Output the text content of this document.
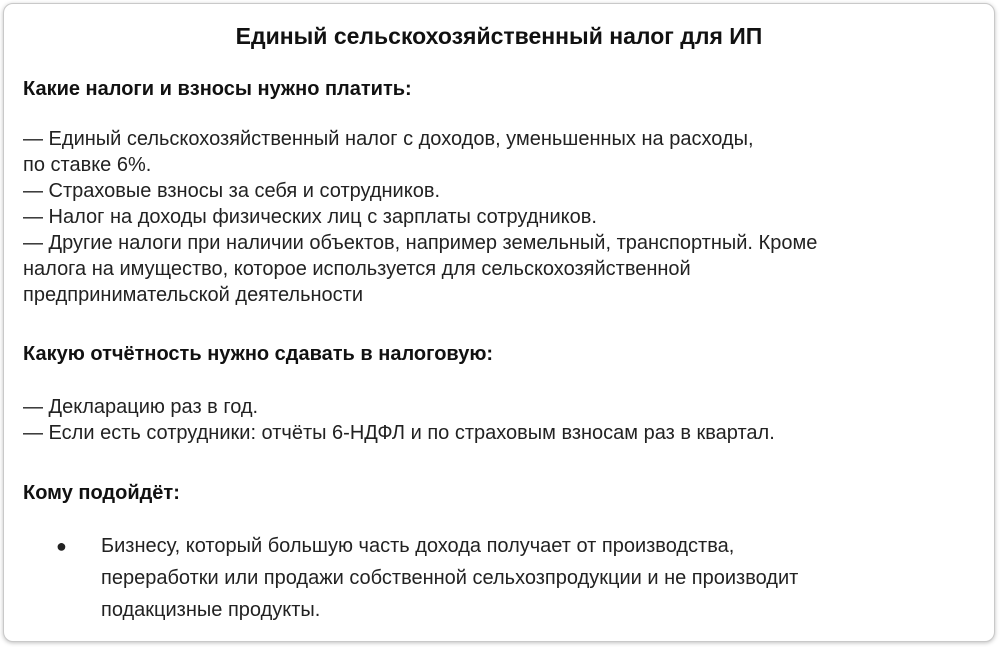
Единый сельскохозяйственный налог для ИП
Какие налоги и взносы нужно платить:
— Единый сельскохозяйственный налог с доходов, уменьшенных на расходы,
по ставке 6%.
— Страховые взносы за себя и сотрудников.
— Налог на доходы физических лиц с зарплаты сотрудников.
— Другие налоги при наличии объектов, например земельный, транспортный. Кроме
налога на имущество, которое используется для сельскохозяйственной
предпринимательской деятельности
Какую отчётность нужно сдавать в налоговую:
— Декларацию раз в год.
— Если есть сотрудники: отчёты 6-НДФЛ и по страховым взносам раз в квартал.
Кому подойдёт:
● Бизнесу, который большую часть дохода получает от производства,
переработки или продажи собственной сельхозпродукции и не производит
подакцизные продукты.
